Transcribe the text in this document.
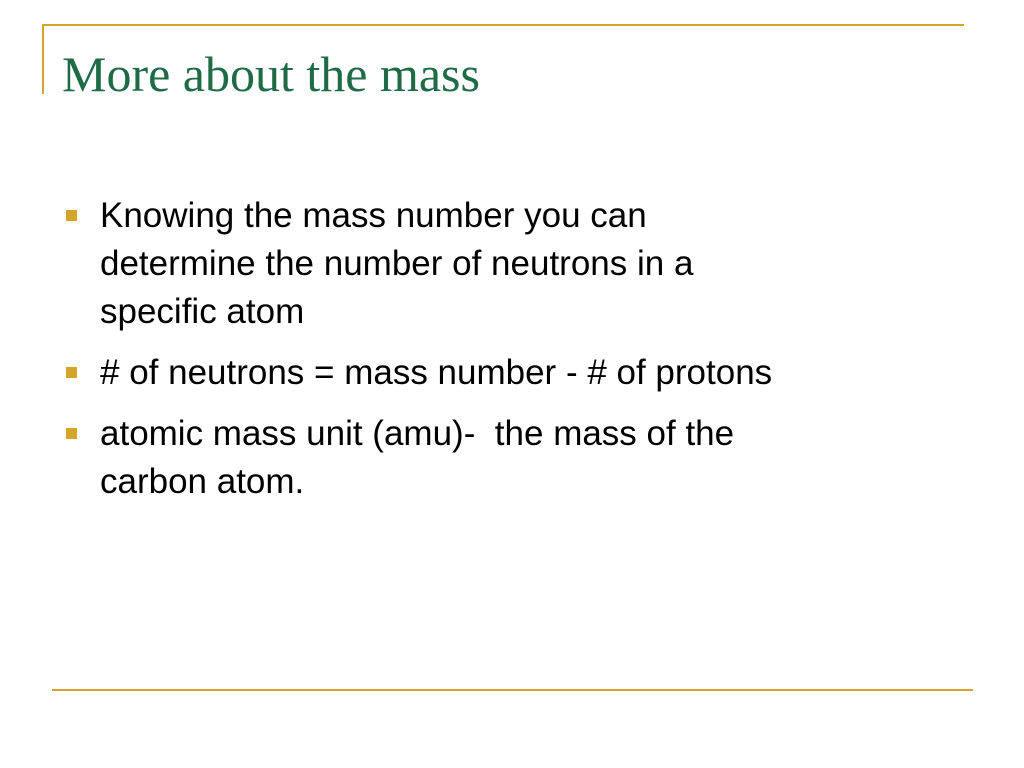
More about the mass
Knowing the mass number you can
determine the number of neutrons in a
specific atom
# of neutrons = mass number - # of protons
atomic mass unit (amu)-  the mass of the
carbon atom.
